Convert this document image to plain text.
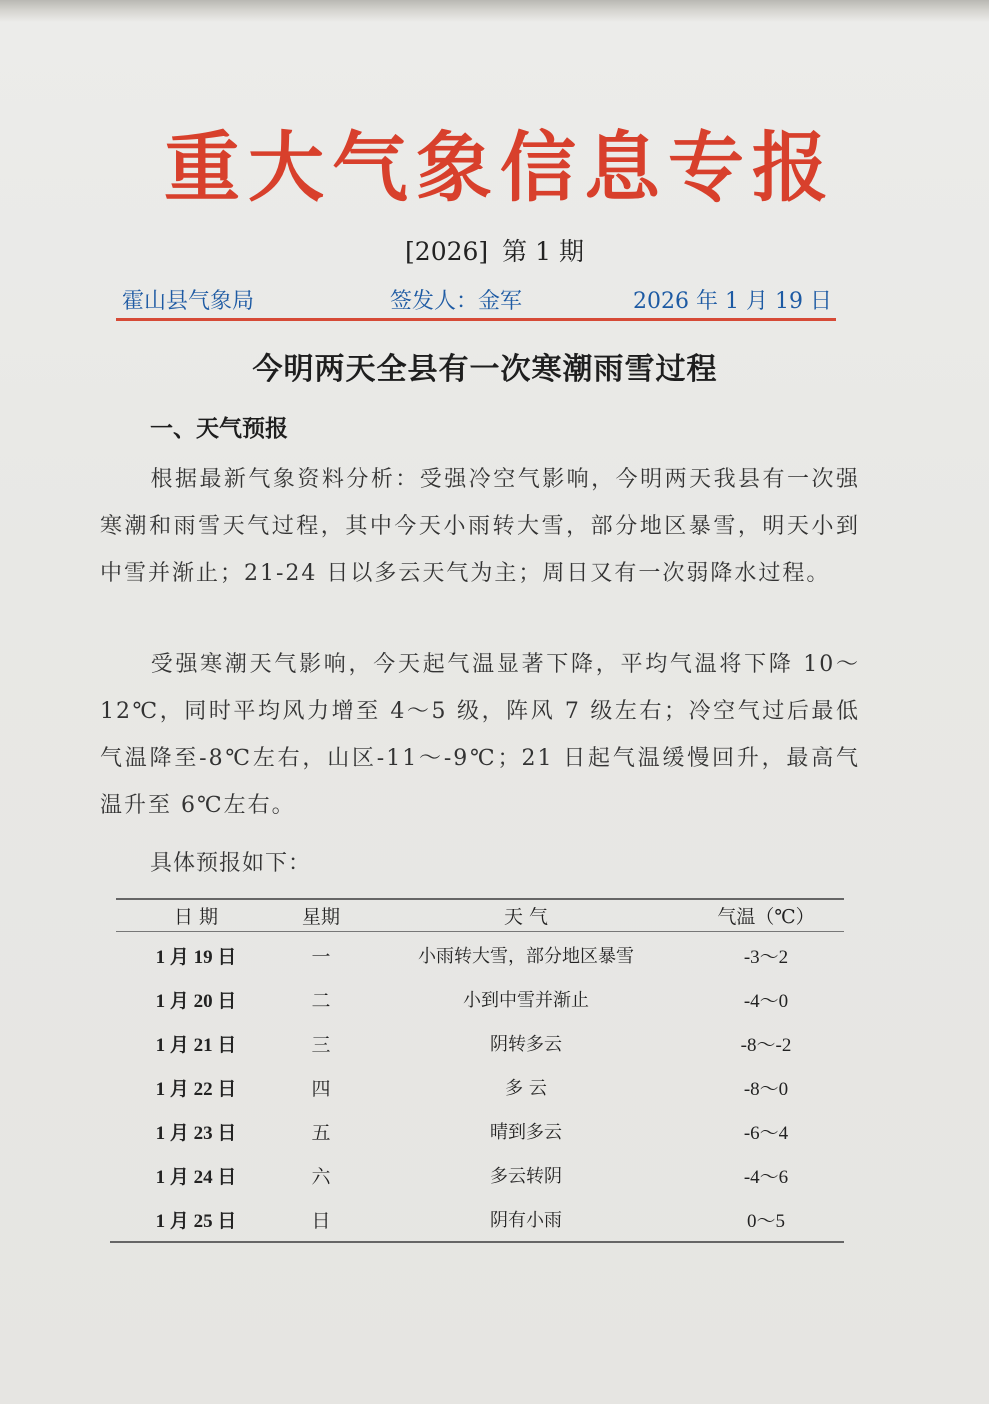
重大气象信息专报
[2026] 第 1 期
霍山县气象局	签发人：金军	2026 年 1 月 19 日
今明两天全县有一次寒潮雨雪过程
一、天气预报
根据最新气象资料分析：受强冷空气影响，今明两天我县有一次强寒潮和雨雪天气过程，其中今天小雨转大雪，部分地区暴雪，明天小到中雪并渐止；21-24 日以多云天气为主；周日又有一次弱降水过程。
受强寒潮天气影响，今天起气温显著下降，平均气温将下降 10～12℃，同时平均风力增至 4～5 级，阵风 7 级左右；冷空气过后最低气温降至-8℃左右，山区-11～-9℃；21 日起气温缓慢回升，最高气温升至 6℃左右。
具体预报如下：
日 期	星期	天 气	气温（℃）
1 月 19 日	一	小雨转大雪，部分地区暴雪	-3～2
1 月 20 日	二	小到中雪并渐止	-4～0
1 月 21 日	三	阴转多云	-8～-2
1 月 22 日	四	多 云	-8～0
1 月 23 日	五	晴到多云	-6～4
1 月 24 日	六	多云转阴	-4～6
1 月 25 日	日	阴有小雨	0～5
